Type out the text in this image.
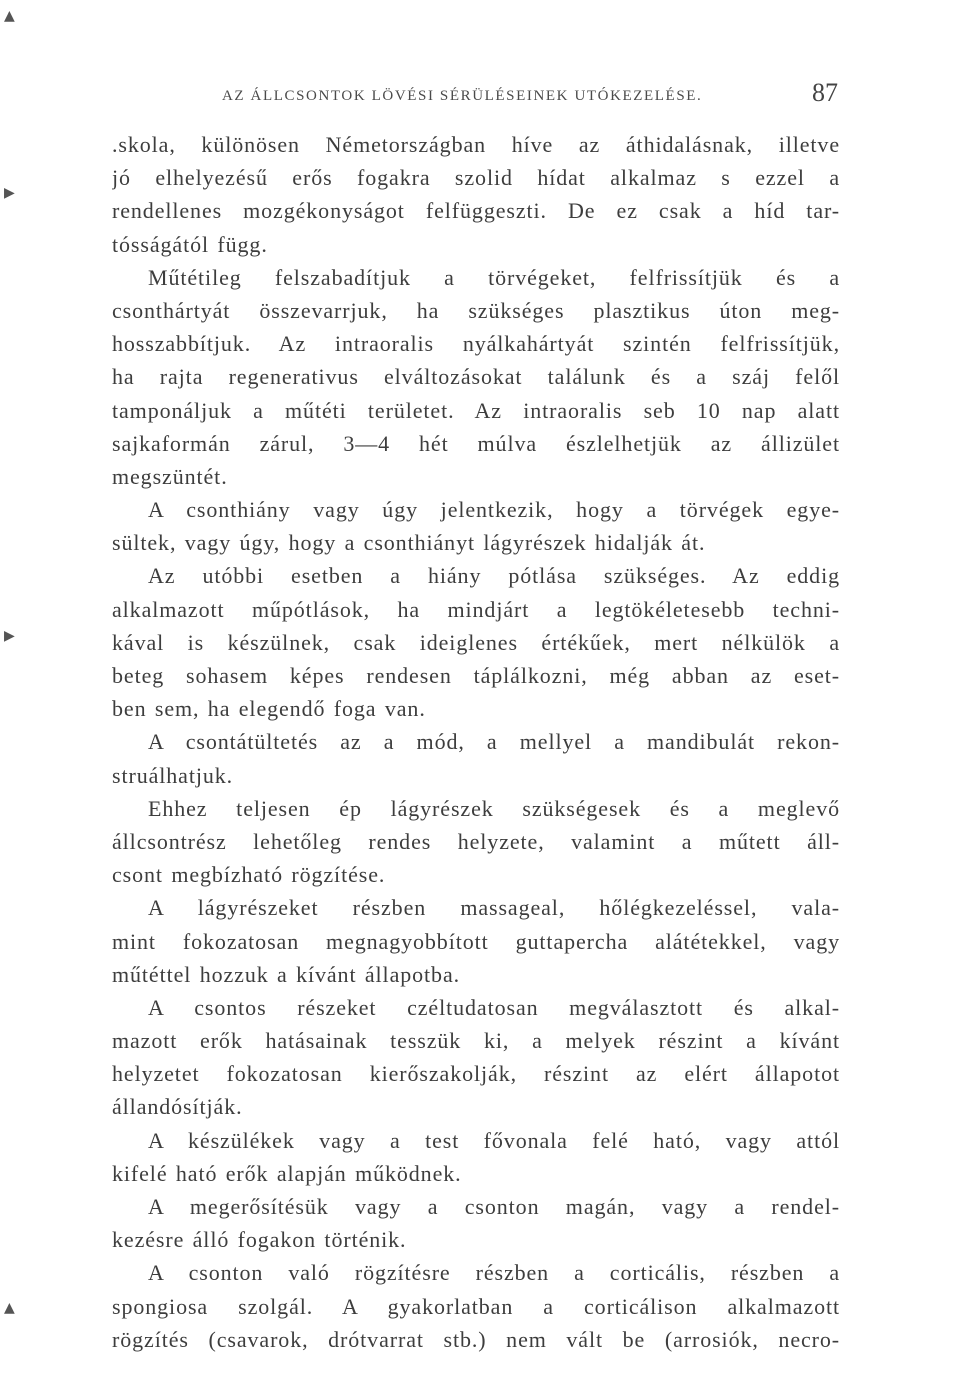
AZ ÁLLCSONTOK LÖVÉSI SÉRÜLÉSEINEK UTÓKEZELÉSE.	87
▲
▶
▶
▲
.skola, különösen Németországban híve az áthidalásnak, illetve
jó elhelyezésű erős fogakra szolid hídat alkalmaz s ezzel a
rendellenes mozgékonyságot felfüggeszti. De ez csak a híd tar-
tósságától függ.
Műtétileg felszabadítjuk a törvégeket, felfrissítjük és a
csonthártyát összevarrjuk, ha szükséges plasztikus úton meg-
hosszabbítjuk. Az intraoralis nyálkahártyát szintén felfrissítjük,
ha rajta regenerativus elváltozásokat találunk és a száj felől
tamponáljuk a műtéti területet. Az intraoralis seb 10 nap alatt
sajkaformán zárul, 3—4 hét múlva észlelhetjük az állizület
megszüntét.
A csonthiány vagy úgy jelentkezik, hogy a törvégek egye-
sültek, vagy úgy, hogy a csonthiányt lágyrészek hidalják át.
Az utóbbi esetben a hiány pótlása szükséges. Az eddig
alkalmazott műpótlások, ha mindjárt a legtökéletesebb techni-
kával is készülnek, csak ideiglenes értékűek, mert nélkülök a
beteg sohasem képes rendesen táplálkozni, még abban az eset-
ben sem, ha elegendő foga van.
A csontátültetés az a mód, a mellyel a mandibulát rekon-
struálhatjuk.
Ehhez teljesen ép lágyrészek szükségesek és a meglevő
állcsontrész lehetőleg rendes helyzete, valamint a műtett áll-
csont megbízható rögzítése.
A lágyrészeket részben massageal, hőlégkezeléssel, vala-
mint fokozatosan megnagyobbított guttapercha alátétekkel, vagy
műtéttel hozzuk a kívánt állapotba.
A csontos részeket czéltudatosan megválasztott és alkal-
mazott erők hatásainak tesszük ki, a melyek részint a kívánt
helyzetet fokozatosan kierőszakolják, részint az elért állapotot
állandósítják.
A készülékek vagy a test fővonala felé ható, vagy attól
kifelé ható erők alapján működnek.
A megerősítésük vagy a csonton magán, vagy a rendel-
kezésre álló fogakon történik.
A csonton való rögzítésre részben a corticális, részben a
spongiosa szolgál. A gyakorlatban a corticálison alkalmazott
rögzítés (csavarok, drótvarrat stb.) nem vált be (arrosiók, necro-
